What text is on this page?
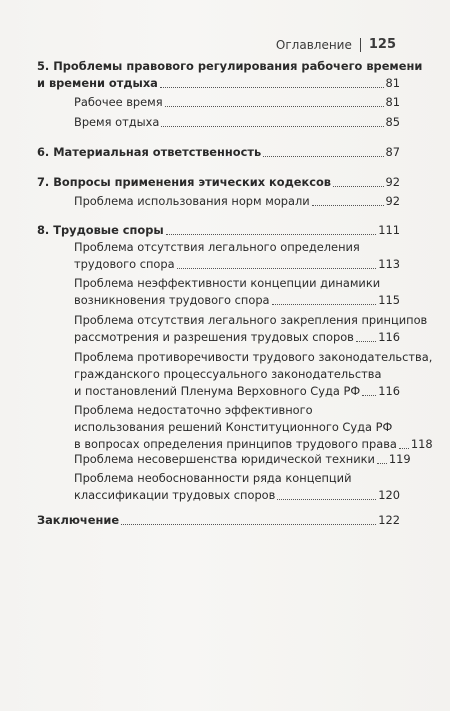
Оглавление 125
5. Проблемы правового регулирования рабочего времени
и времени отдыха	81
Рабочее время	81
Время отдыха	85
6. Материальная ответственность	87
7. Вопросы применения этических кодексов	92
Проблема использования норм морали	92
8. Трудовые споры	111
Проблема отсутствия легального определения
трудового спора	113
Проблема неэффективности концепции динамики
возникновения трудового спора	115
Проблема отсутствия легального закрепления принципов
рассмотрения и разрешения трудовых споров 116
Проблема противоречивости трудового законодательства,
гражданского процессуального законодательства
и постановлений Пленума Верховного Суда РФ 116
Проблема недостаточно эффективного
использования решений Конституционного Суда РФ
в вопросах определения принципов трудового права 118
Проблема несовершенства юридической техники 119
Проблема необоснованности ряда концепций
классификации трудовых споров	120
Заключение	122
